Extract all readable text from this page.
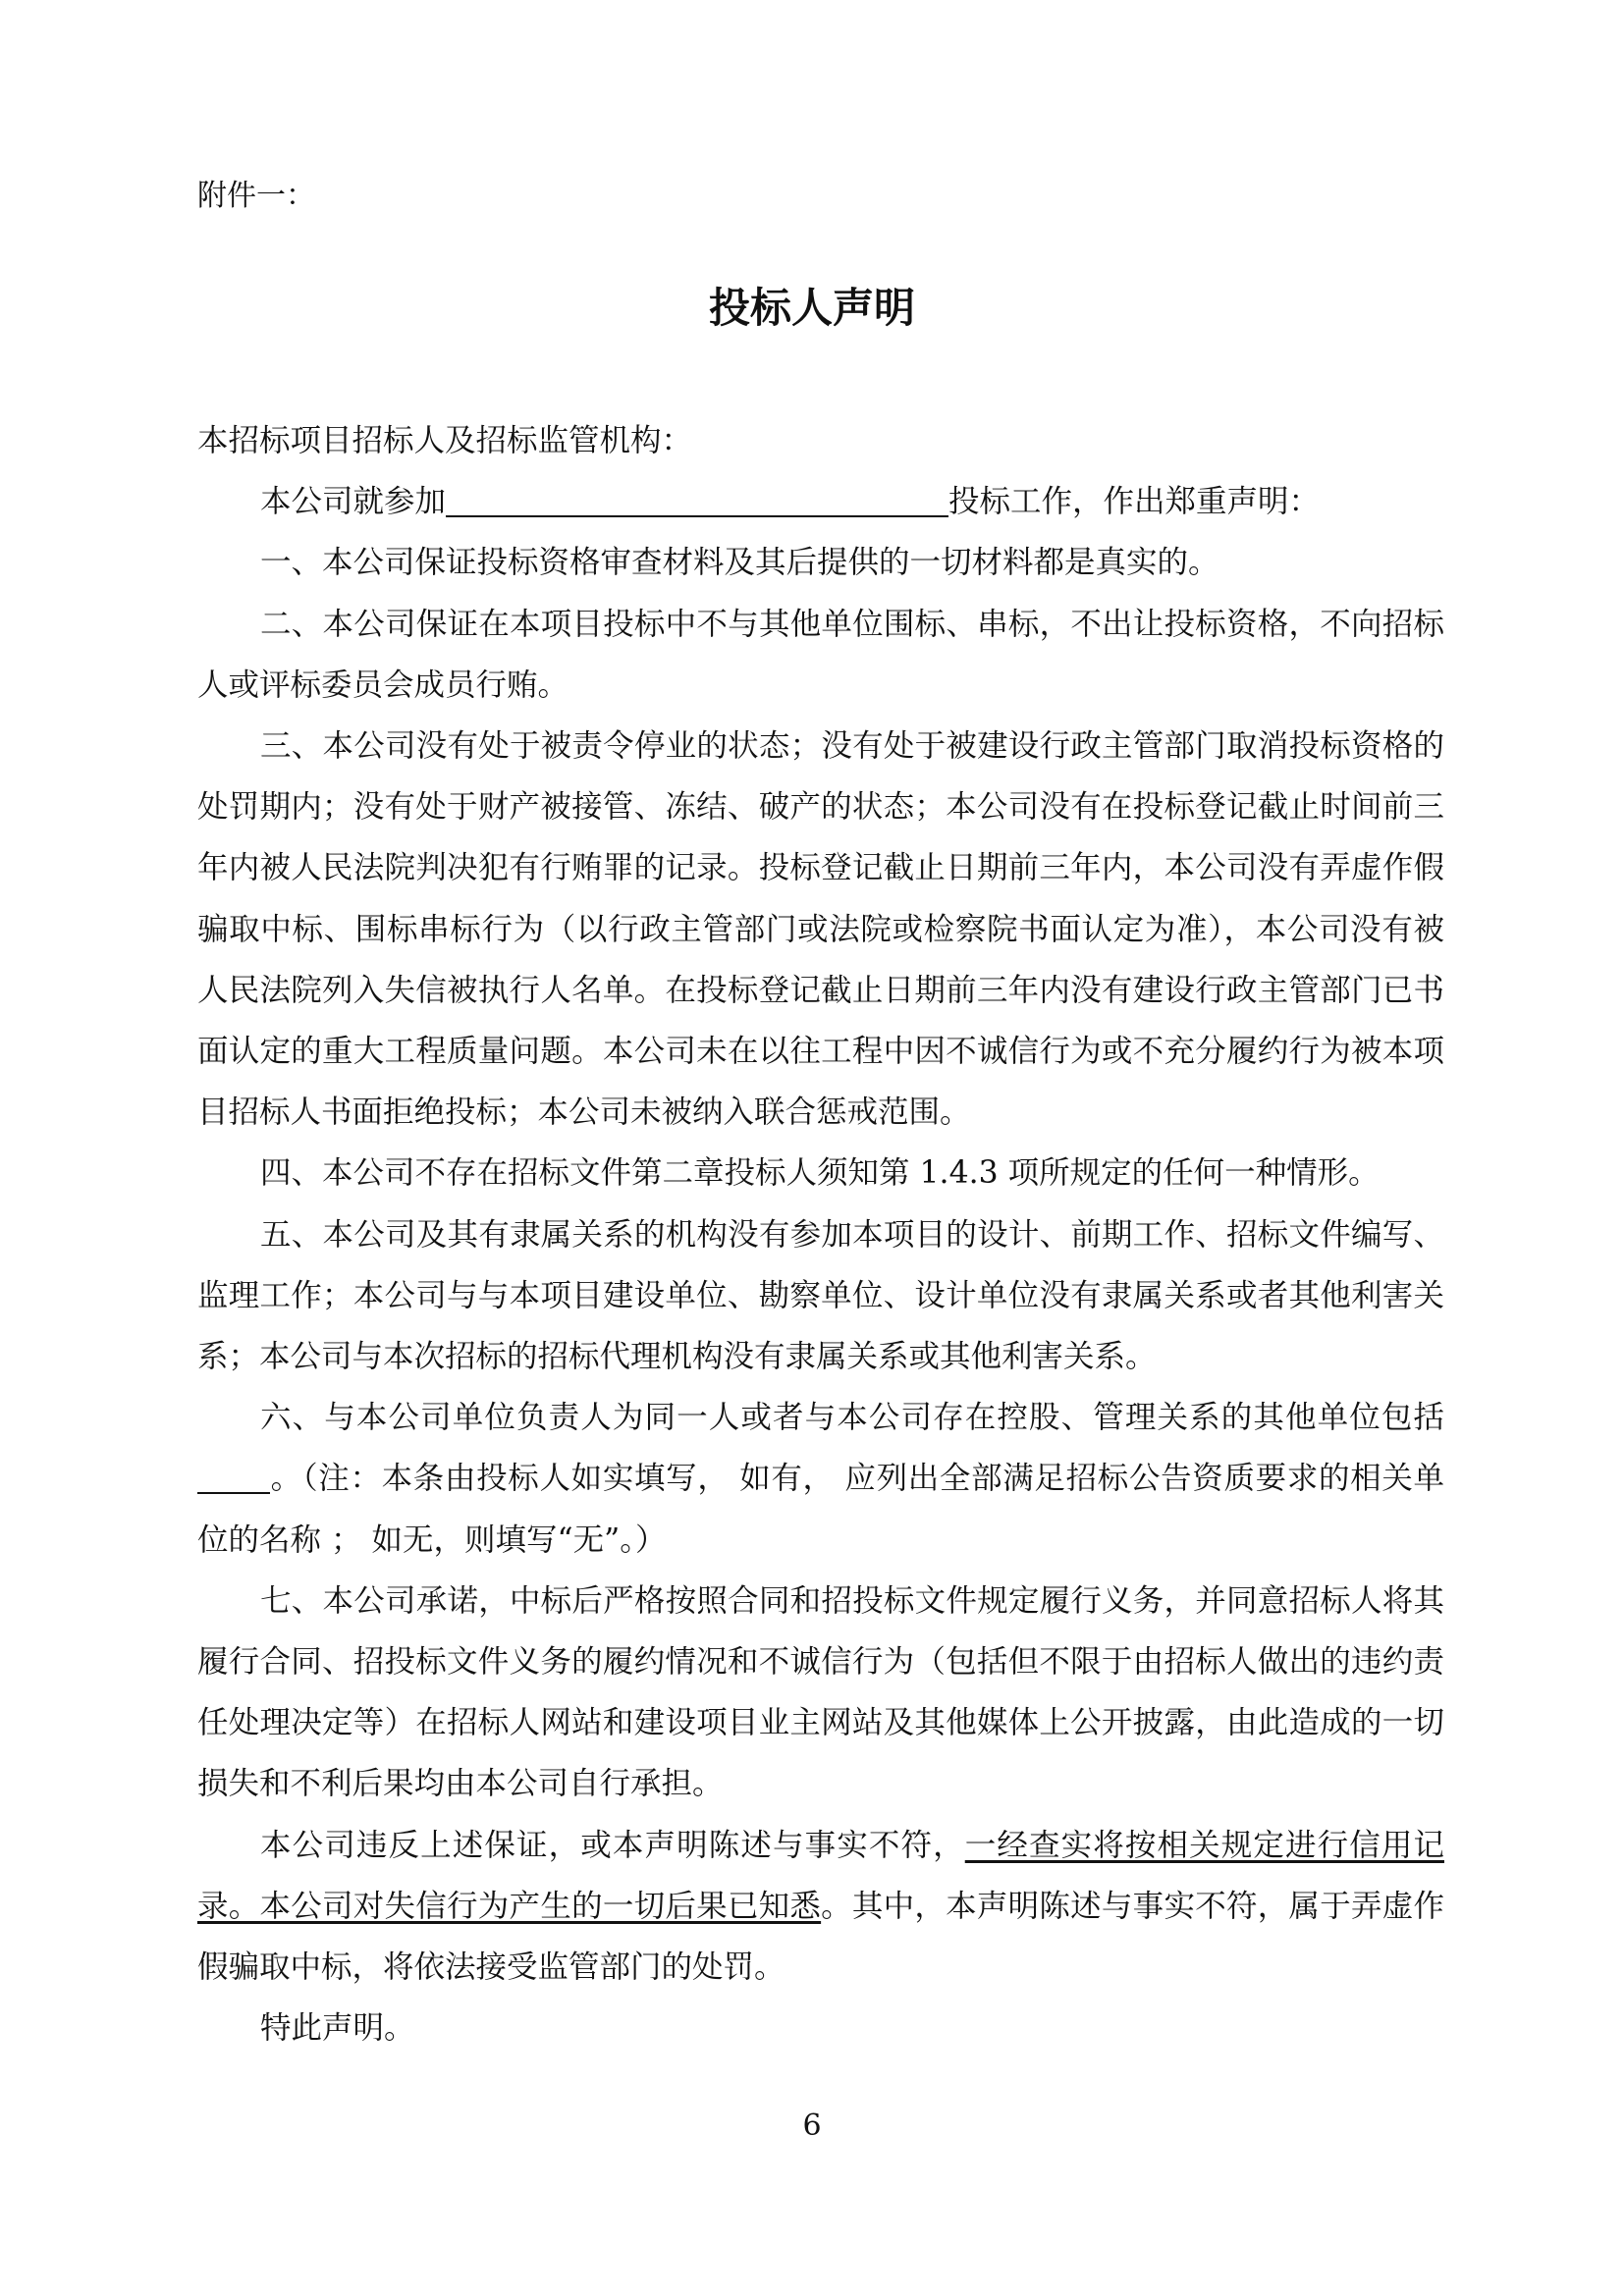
附件一：

投标人声明

本招标项目招标人及招标监管机构：

本公司就参加	投标工作，作出郑重声明：

一、本公司保证投标资格审查材料及其后提供的一切材料都是真实的。

二、本公司保证在本项目投标中不与其他单位围标、串标，不出让投标资格，不向招标人或评标委员会成员行贿。

三、本公司没有处于被责令停业的状态；没有处于被建设行政主管部门取消投标资格的处罚期内；没有处于财产被接管、冻结、破产的状态；本公司没有在投标登记截止时间前三年内被人民法院判决犯有行贿罪的记录。投标登记截止日期前三年内，本公司没有弄虚作假骗取中标、围标串标行为（以行政主管部门或法院或检察院书面认定为准），本公司没有被人民法院列入失信被执行人名单。在投标登记截止日期前三年内没有建设行政主管部门已书面认定的重大工程质量问题。本公司未在以往工程中因不诚信行为或不充分履约行为被本项目招标人书面拒绝投标；本公司未被纳入联合惩戒范围。

四、本公司不存在招标文件第二章投标人须知第 1.4.3 项所规定的任何一种情形。

五、本公司及其有隶属关系的机构没有参加本项目的设计、前期工作、招标文件编写、监理工作；本公司与与本项目建设单位、勘察单位、设计单位没有隶属关系或者其他利害关系；本公司与本次招标的招标代理机构没有隶属关系或其他利害关系。

六、与本公司单位负责人为同一人或者与本公司存在控股、管理关系的其他单位包括。（注：本条由投标人如实填写， 如有， 应列出全部满足招标公告资质要求的相关单位的名称 ； 如无，则填写“无”。）

七、本公司承诺，中标后严格按照合同和招投标文件规定履行义务，并同意招标人将其履行合同、招投标文件义务的履约情况和不诚信行为（包括但不限于由招标人做出的违约责任处理决定等）在招标人网站和建设项目业主网站及其他媒体上公开披露，由此造成的一切损失和不利后果均由本公司自行承担。

本公司违反上述保证，或本声明陈述与事实不符，一经查实将按相关规定进行信用记录。本公司对失信行为产生的一切后果已知悉。其中，本声明陈述与事实不符，属于弄虚作假骗取中标，将依法接受监管部门的处罚。

特此声明。

6
